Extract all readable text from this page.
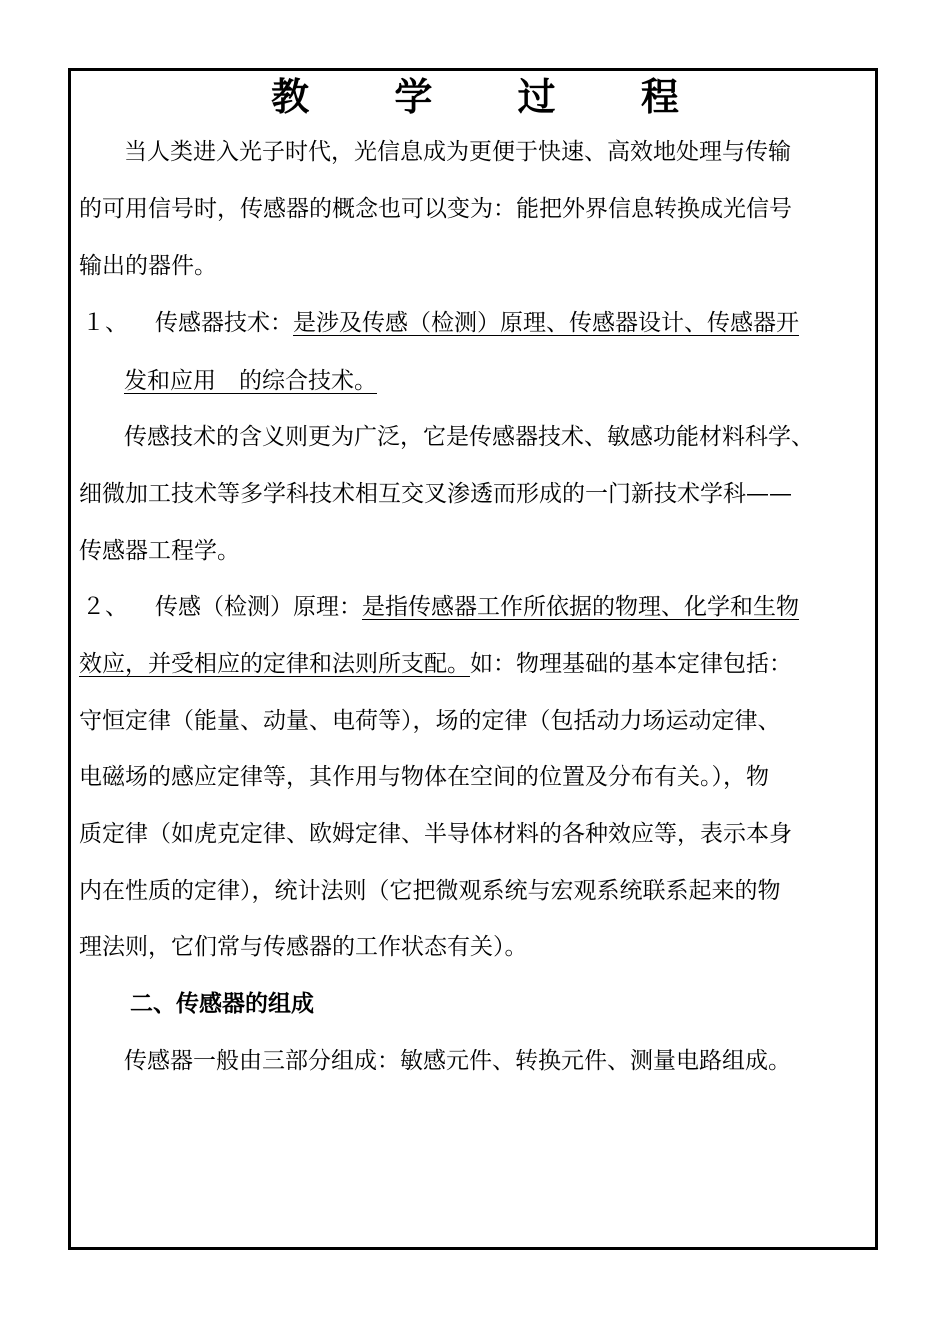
教 学 过 程
当人类进入光子时代，光信息成为更便于快速、高效地处理与传输
的可用信号时，传感器的概念也可以变为：能把外界信息转换成光信号
输出的器件。
１、 传感器技术：是涉及传感（检测）原理、传感器设计、传感器开
发和应用　的综合技术。
传感技术的含义则更为广泛，它是传感器技术、敏感功能材料科学、
细微加工技术等多学科技术相互交叉渗透而形成的一门新技术学科——
传感器工程学。
２、 传感（检测）原理：是指传感器工作所依据的物理、化学和生物
效应，并受相应的定律和法则所支配。如：物理基础的基本定律包括：
守恒定律（能量、动量、电荷等），场的定律（包括动力场运动定律、
电磁场的感应定律等，其作用与物体在空间的位置及分布有关。），物
质定律（如虎克定律、欧姆定律、半导体材料的各种效应等，表示本身
内在性质的定律），统计法则（它把微观系统与宏观系统联系起来的物
理法则，它们常与传感器的工作状态有关）。
二、传感器的组成
传感器一般由三部分组成：敏感元件、转换元件、测量电路组成。
